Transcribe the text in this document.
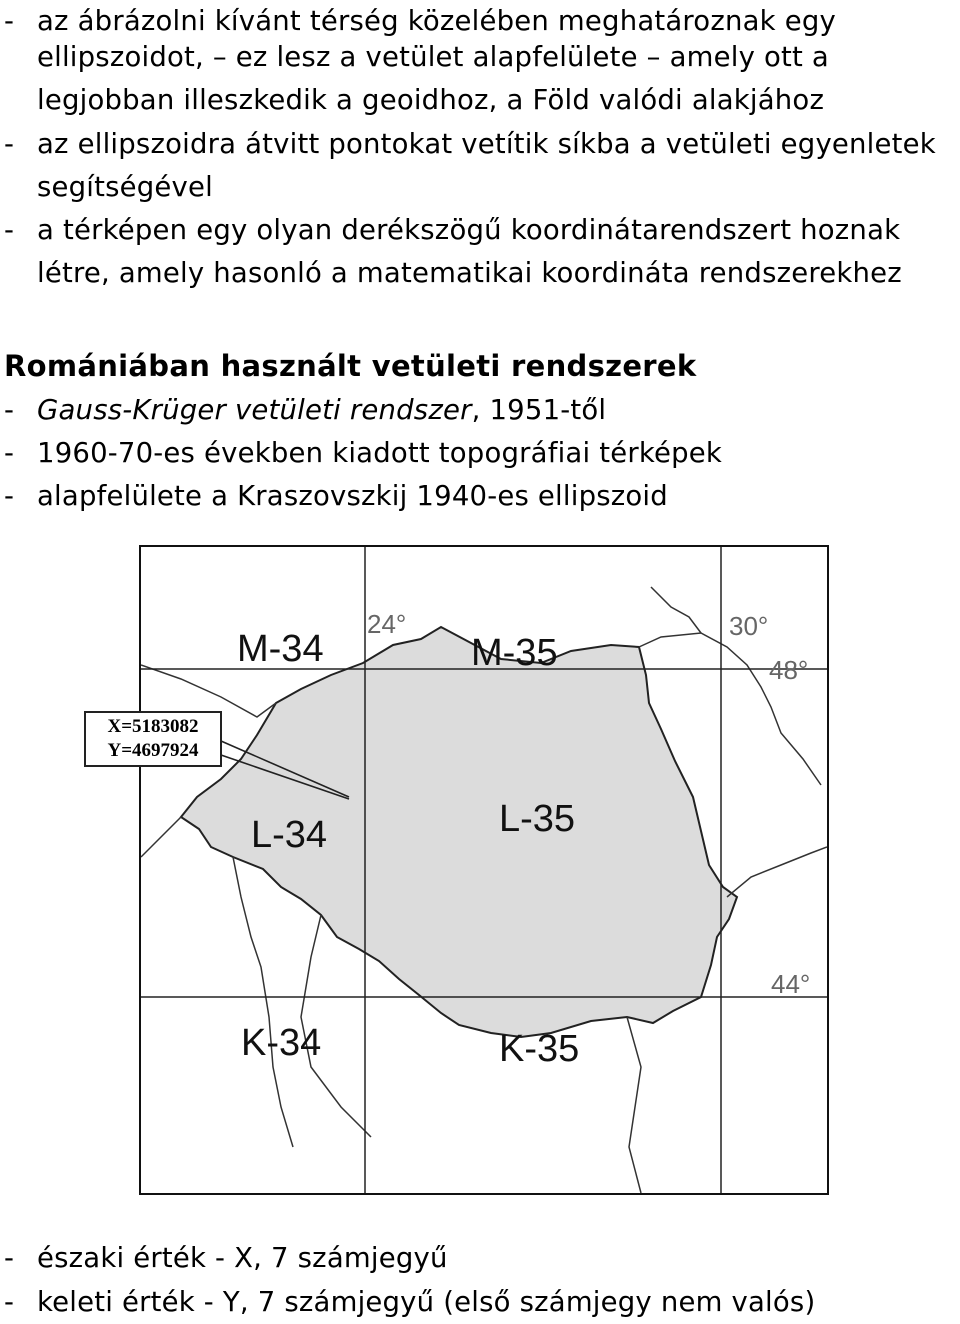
- az ábrázolni kívánt térség közelében meghatároznak egy
ellipszoidot, – ez lesz a vetület alapfelülete – amely ott a
legjobban illeszkedik a geoidhoz, a Föld valódi alakjához
- az ellipszoidra átvitt pontokat vetítik síkba a vetületi egyenletek
segítségével
- a térképen egy olyan derékszögű koordinátarendszert hoznak
létre, amely hasonló a matematikai koordináta rendszerekhez
Romániában használt vetületi rendszerek
- Gauss-Krüger vetületi rendszer, 1951-től
- 1960-70-es években kiadott topográfiai térképek
- alapfelülete a Kraszovszkij 1940-es ellipszoid
M-34	M-35
L-34	L-35
K-34	K-35
24°	30°
48°
44°
X=5183082
Y=4697924
- északi érték - X, 7 számjegyű
- keleti érték - Y, 7 számjegyű (első számjegy nem valós)
